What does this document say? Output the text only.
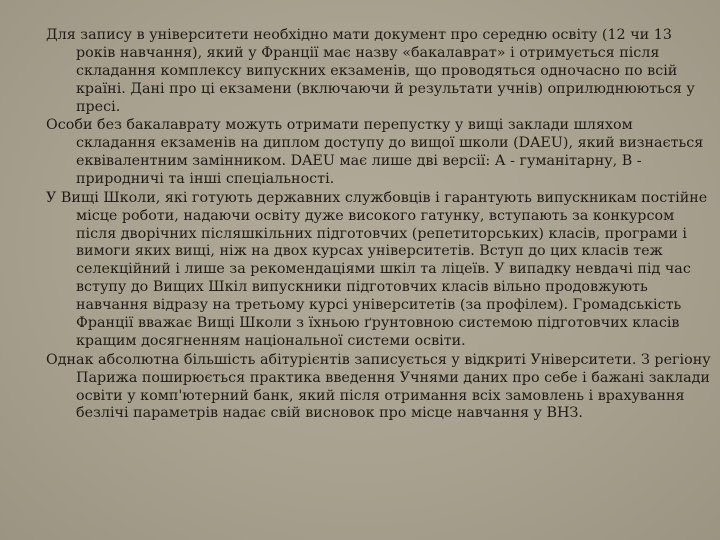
Для запису в університети необхідно мати документ про середню освіту (12 чи 13 років навчання), який у Франції має назву «бакалаврат» і отримується після складання комплексу випускних екзаменів, що проводяться одночасно по всій країні. Дані про ці екзамени (включаючи й результати учнів) оприлюднюються у пресі.

Особи без бакалаврату можуть отримати перепустку у вищі заклади шляхом складання екзаменів на диплом доступу до вищої школи (DAEU), який визнається еквівалентним замінником. DAEU має лише дві версії: А - гуманітарну, В - природничі та інші спеціальності.

У Вищі Школи, які готують державних службовців і гарантують випускникам постійне місце роботи, надаючи освіту дуже високого гатунку, вступають за конкурсом після дворічних післяшкільних підготовчих (репетиторських) класів, програми і вимоги яких вищі, ніж на двох курсах університетів. Вступ до цих класів теж селекційний і лише за рекомендаціями шкіл та ліцеїв. У випадку невдачі під час вступу до Вищих Шкіл випускники підготовчих класів вільно продовжують навчання відразу на третьому курсі університетів (за профілем). Громадськість Франції вважає Вищі Школи з їхньою ґрунтовною системою підготовчих класів кращим досягненням національної системи освіти.

Однак абсолютна більшість абітурієнтів записується у відкриті Університети. З регіону Парижа поширюється практика введення Учнями даних про себе і бажані заклади освіти у комп'ютерний банк, який після отримання всіх замовлень і врахування безлічі параметрів надає свій висновок про місце навчання у ВНЗ.
